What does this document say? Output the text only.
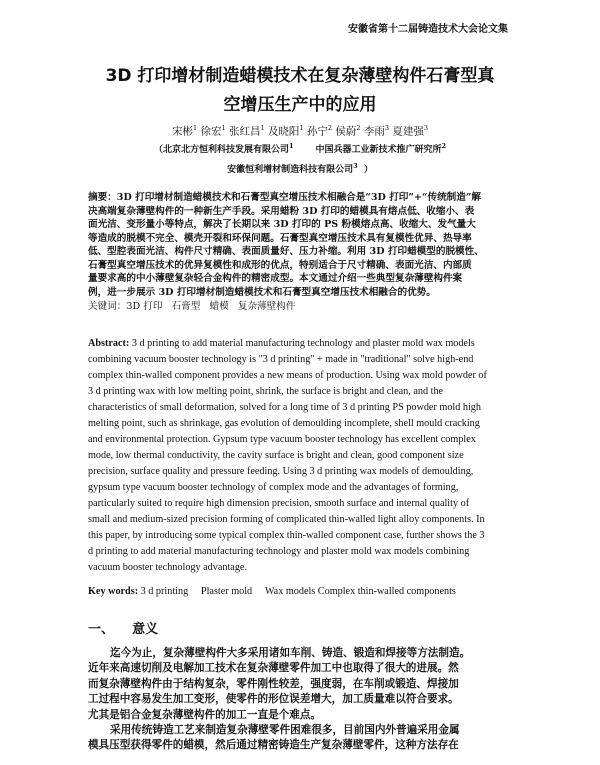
安徽省第十二届铸造技术大会论文集
3D 打印增材制造蜡模技术在复杂薄壁构件石膏型真
空增压生产中的应用
宋彬$^1$ 徐宏$^1$ 张红昌$^1$ 及晓阳$^1$ 孙宁$^2$ 侯蔚$^2$ 李雨$^3$ 夏建强$^3$
（北京北方恒利科技发展有限公司$^1$ 中国兵器工业新技术推广研究所$^2$
安徽恒利增材制造科技有限公司$^3$ ）
摘要：3D 打印增材制造蜡模技术和石膏型真空增压技术相融合是“3D 打印”+“传统制造”解
决高端复杂薄壁构件的一种新生产手段。采用蜡粉 3D 打印的蜡模具有熔点低、收缩小、表
面光洁、变形量小等特点，解决了长期以来 3D 打印的 PS 粉模熔点高、收缩大、发气量大
等造成的脱模不完全、模壳开裂和环保问题。石膏型真空增压技术具有复模性优异、热导率
低、型腔表面光洁、构件尺寸精确、表面质量好、压力补缩。利用 3D 打印蜡模型的脱模性、
石膏型真空增压技术的优异复模性和成形的优点，特别适合于尺寸精确、表面光洁、内部质
量要求高的中小薄壁复杂轻合金构件的精密成型。本文通过介绍一些典型复杂薄壁构件案
例，进一步展示 3D 打印增材制造蜡模技术和石膏型真空增压技术相融合的优势。
关键词：3D 打印 石膏型 蜡模 复杂薄壁构件
Abstract: 3 d printing to add material manufacturing technology and plaster mold wax models
combining vacuum booster technology is "3 d printing" + made in "traditional" solve high-end
complex thin-walled component provides a new means of production. Using wax mold powder of
3 d printing wax with low melting point, shrink, the surface is bright and clean, and the
characteristics of small deformation, solved for a long time of 3 d printing PS powder mold high
melting point, such as shrinkage, gas evolution of demoulding incomplete, shell mould cracking
and environmental protection. Gypsum type vacuum booster technology has excellent complex
mode, low thermal conductivity, the cavity surface is bright and clean, good component size
precision, surface quality and pressure feeding. Using 3 d printing wax models of demoulding,
gypsum type vacuum booster technology of complex mode and the advantages of forming,
particularly suited to require high dimension precision, smooth surface and internal quality of
small and medium-sized precision forming of complicated thin-walled light alloy components. In
this paper, by introducing some typical complex thin-walled component case, further shows the 3
d printing to add material manufacturing technology and plaster mold wax models combining
vacuum booster technology advantage.
Key words: 3 d printing Plaster mold Wax models Complex thin-walled components
一、 意义
迄今为止，复杂薄壁构件大多采用诸如车削、铸造、锻造和焊接等方法制造。
近年来高速切削及电解加工技术在复杂薄壁零件加工中也取得了很大的进展。然
而复杂薄壁构件由于结构复杂，零件刚性较差，强度弱，在车削或锻造、焊接加
工过程中容易发生加工变形，使零件的形位误差增大，加工质量难以符合要求。
尤其是铝合金复杂薄壁构件的加工一直是个难点。
采用传统铸造工艺来制造复杂薄壁零件困难很多，目前国内外普遍采用金属
模具压型获得零件的蜡模，然后通过精密铸造生产复杂薄壁零件，这种方法存在
